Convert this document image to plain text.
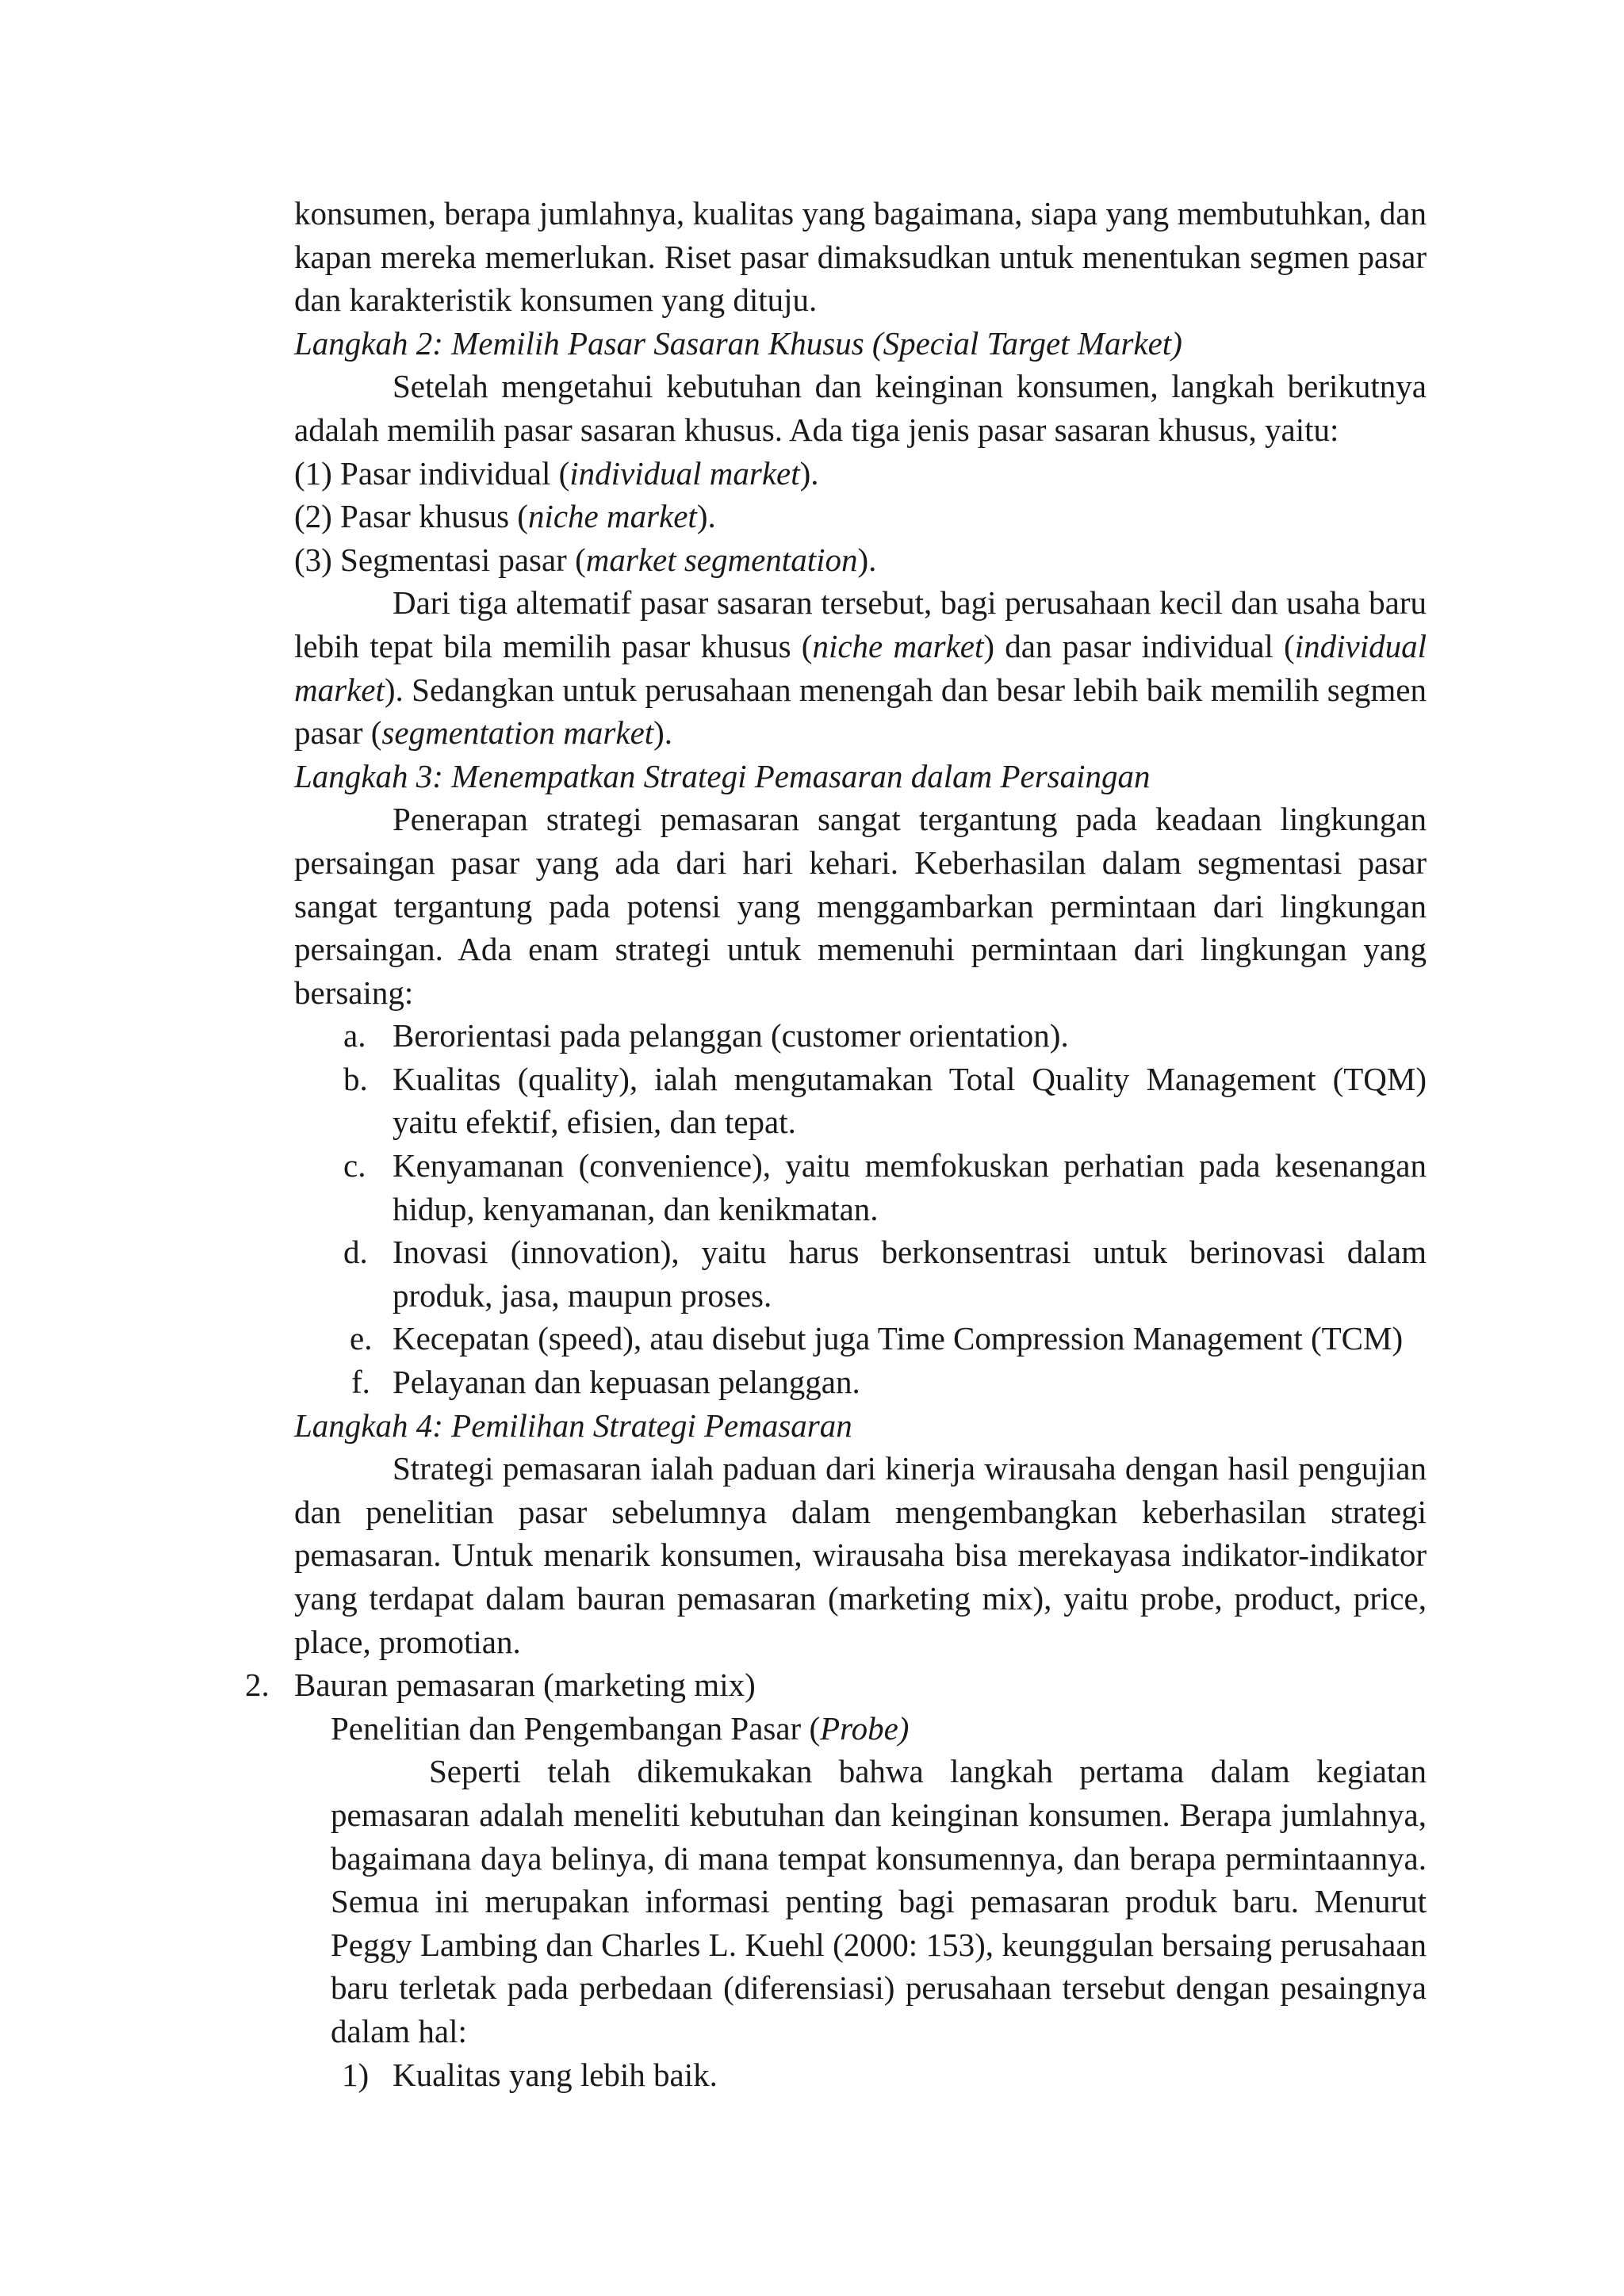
konsumen, berapa jumlahnya, kualitas yang bagaimana, siapa yang membutuhkan, dan kapan mereka memerlukan. Riset pasar dimaksudkan untuk menentukan segmen pasar dan karakteristik konsumen yang dituju.

Langkah 2: Memilih Pasar Sasaran Khusus (Special Target Market)

Setelah mengetahui kebutuhan dan keinginan konsumen, langkah berikutnya adalah memilih pasar sasaran khusus. Ada tiga jenis pasar sasaran khusus, yaitu:

(1) Pasar individual (individual market).

(2) Pasar khusus (niche market).

(3) Segmentasi pasar (market segmentation).

Dari tiga altematif pasar sasaran tersebut, bagi perusahaan kecil dan usaha baru lebih tepat bila memilih pasar khusus (niche market) dan pasar individual (individual market). Sedangkan untuk perusahaan menengah dan besar lebih baik memilih segmen pasar (segmentation market).

Langkah 3: Menempatkan Strategi Pemasaran dalam Persaingan

Penerapan strategi pemasaran sangat tergantung pada keadaan lingkungan persaingan pasar yang ada dari hari kehari. Keberhasilan dalam segmentasi pasar sangat tergantung pada potensi yang menggambarkan permintaan dari lingkungan persaingan. Ada enam strategi untuk memenuhi permintaan dari lingkungan yang bersaing:

a. Berorientasi pada pelanggan (customer orientation).

b. Kualitas (quality), ialah mengutamakan Total Quality Management (TQM) yaitu efektif, efisien, dan tepat.

c. Kenyamanan (convenience), yaitu memfokuskan perhatian pada kesenangan hidup, kenyamanan, dan kenikmatan.

d. Inovasi (innovation), yaitu harus berkonsentrasi untuk berinovasi dalam produk, jasa, maupun proses.

e. Kecepatan (speed), atau disebut juga Time Compression Management (TCM)

f. Pelayanan dan kepuasan pelanggan.

Langkah 4: Pemilihan Strategi Pemasaran

Strategi pemasaran ialah paduan dari kinerja wirausaha dengan hasil pengujian dan penelitian pasar sebelumnya dalam mengembangkan keberhasilan strategi pemasaran. Untuk menarik konsumen, wirausaha bisa merekayasa indikator-indikator yang terdapat dalam bauran pemasaran (marketing mix), yaitu probe, product, price, place, promotian.

2. Bauran pemasaran (marketing mix)

Penelitian dan Pengembangan Pasar (Probe)

Seperti telah dikemukakan bahwa langkah pertama dalam kegiatan pemasaran adalah meneliti kebutuhan dan keinginan konsumen. Berapa jumlahnya, bagaimana daya belinya, di mana tempat konsumennya, dan berapa permintaannya. Semua ini merupakan informasi penting bagi pemasaran produk baru. Menurut Peggy Lambing dan Charles L. Kuehl (2000: 153), keunggulan bersaing perusahaan baru terletak pada perbedaan (diferensiasi) perusahaan tersebut dengan pesaingnya dalam hal:

1) Kualitas yang lebih baik.
